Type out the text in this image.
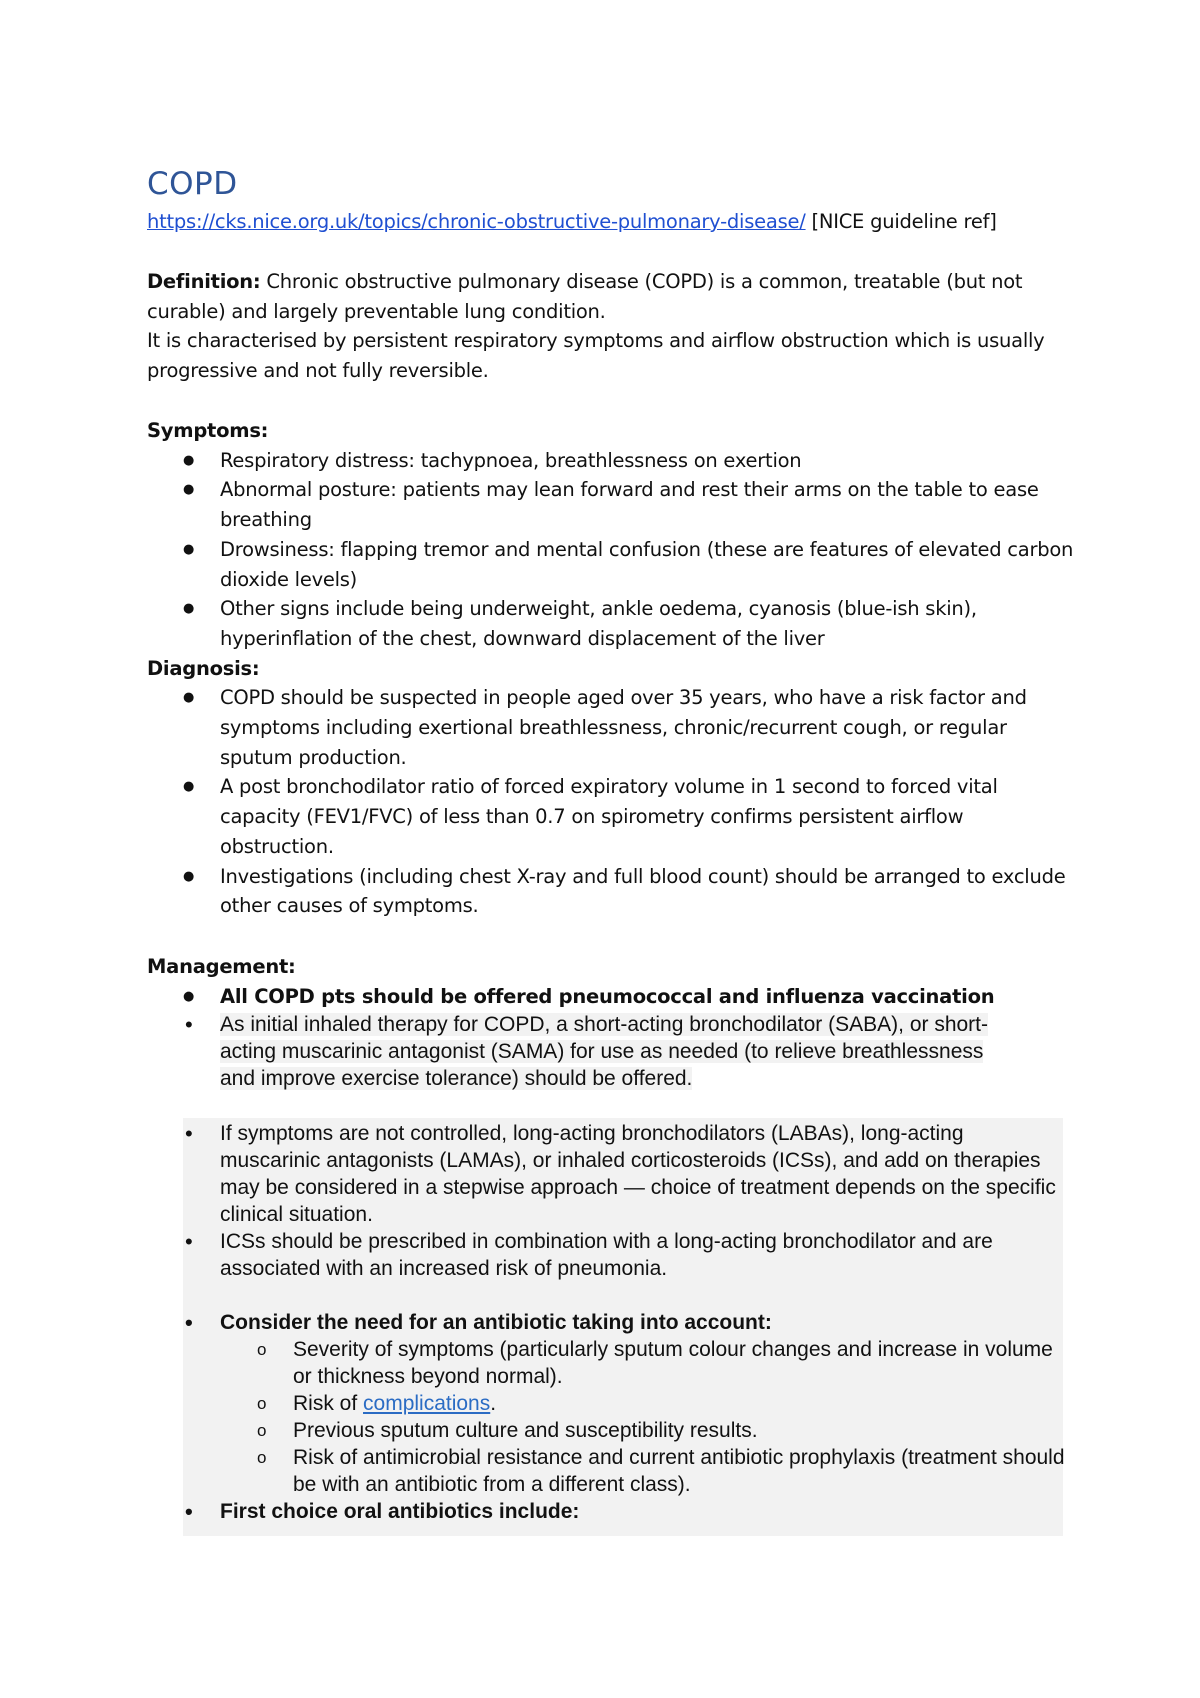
COPD
https://cks.nice.org.uk/topics/chronic-obstructive-pulmonary-disease/ [NICE guideline ref]
Definition: Chronic obstructive pulmonary disease (COPD) is a common, treatable (but not curable) and largely preventable lung condition.
It is characterised by persistent respiratory symptoms and airflow obstruction which is usually progressive and not fully reversible.
Symptoms:
● Respiratory distress: tachypnoea, breathlessness on exertion
● Abnormal posture: patients may lean forward and rest their arms on the table to ease breathing
● Drowsiness: flapping tremor and mental confusion (these are features of elevated carbon dioxide levels)
● Other signs include being underweight, ankle oedema, cyanosis (blue-ish skin), hyperinflation of the chest, downward displacement of the liver
Diagnosis:
● COPD should be suspected in people aged over 35 years, who have a risk factor and symptoms including exertional breathlessness, chronic/recurrent cough, or regular sputum production.
● A post bronchodilator ratio of forced expiratory volume in 1 second to forced vital capacity (FEV1/FVC) of less than 0.7 on spirometry confirms persistent airflow obstruction.
● Investigations (including chest X-ray and full blood count) should be arranged to exclude other causes of symptoms.
Management:
● All COPD pts should be offered pneumococcal and influenza vaccination
• As initial inhaled therapy for COPD, a short-acting bronchodilator (SABA), or short-acting muscarinic antagonist (SAMA) for use as needed (to relieve breathlessness and improve exercise tolerance) should be offered.
• If symptoms are not controlled, long-acting bronchodilators (LABAs), long-acting muscarinic antagonists (LAMAs), or inhaled corticosteroids (ICSs), and add on therapies may be considered in a stepwise approach — choice of treatment depends on the specific clinical situation.
• ICSs should be prescribed in combination with a long-acting bronchodilator and are associated with an increased risk of pneumonia.
• Consider the need for an antibiotic taking into account:
o Severity of symptoms (particularly sputum colour changes and increase in volume or thickness beyond normal).
o Risk of complications.
o Previous sputum culture and susceptibility results.
o Risk of antimicrobial resistance and current antibiotic prophylaxis (treatment should be with an antibiotic from a different class).
• First choice oral antibiotics include:
